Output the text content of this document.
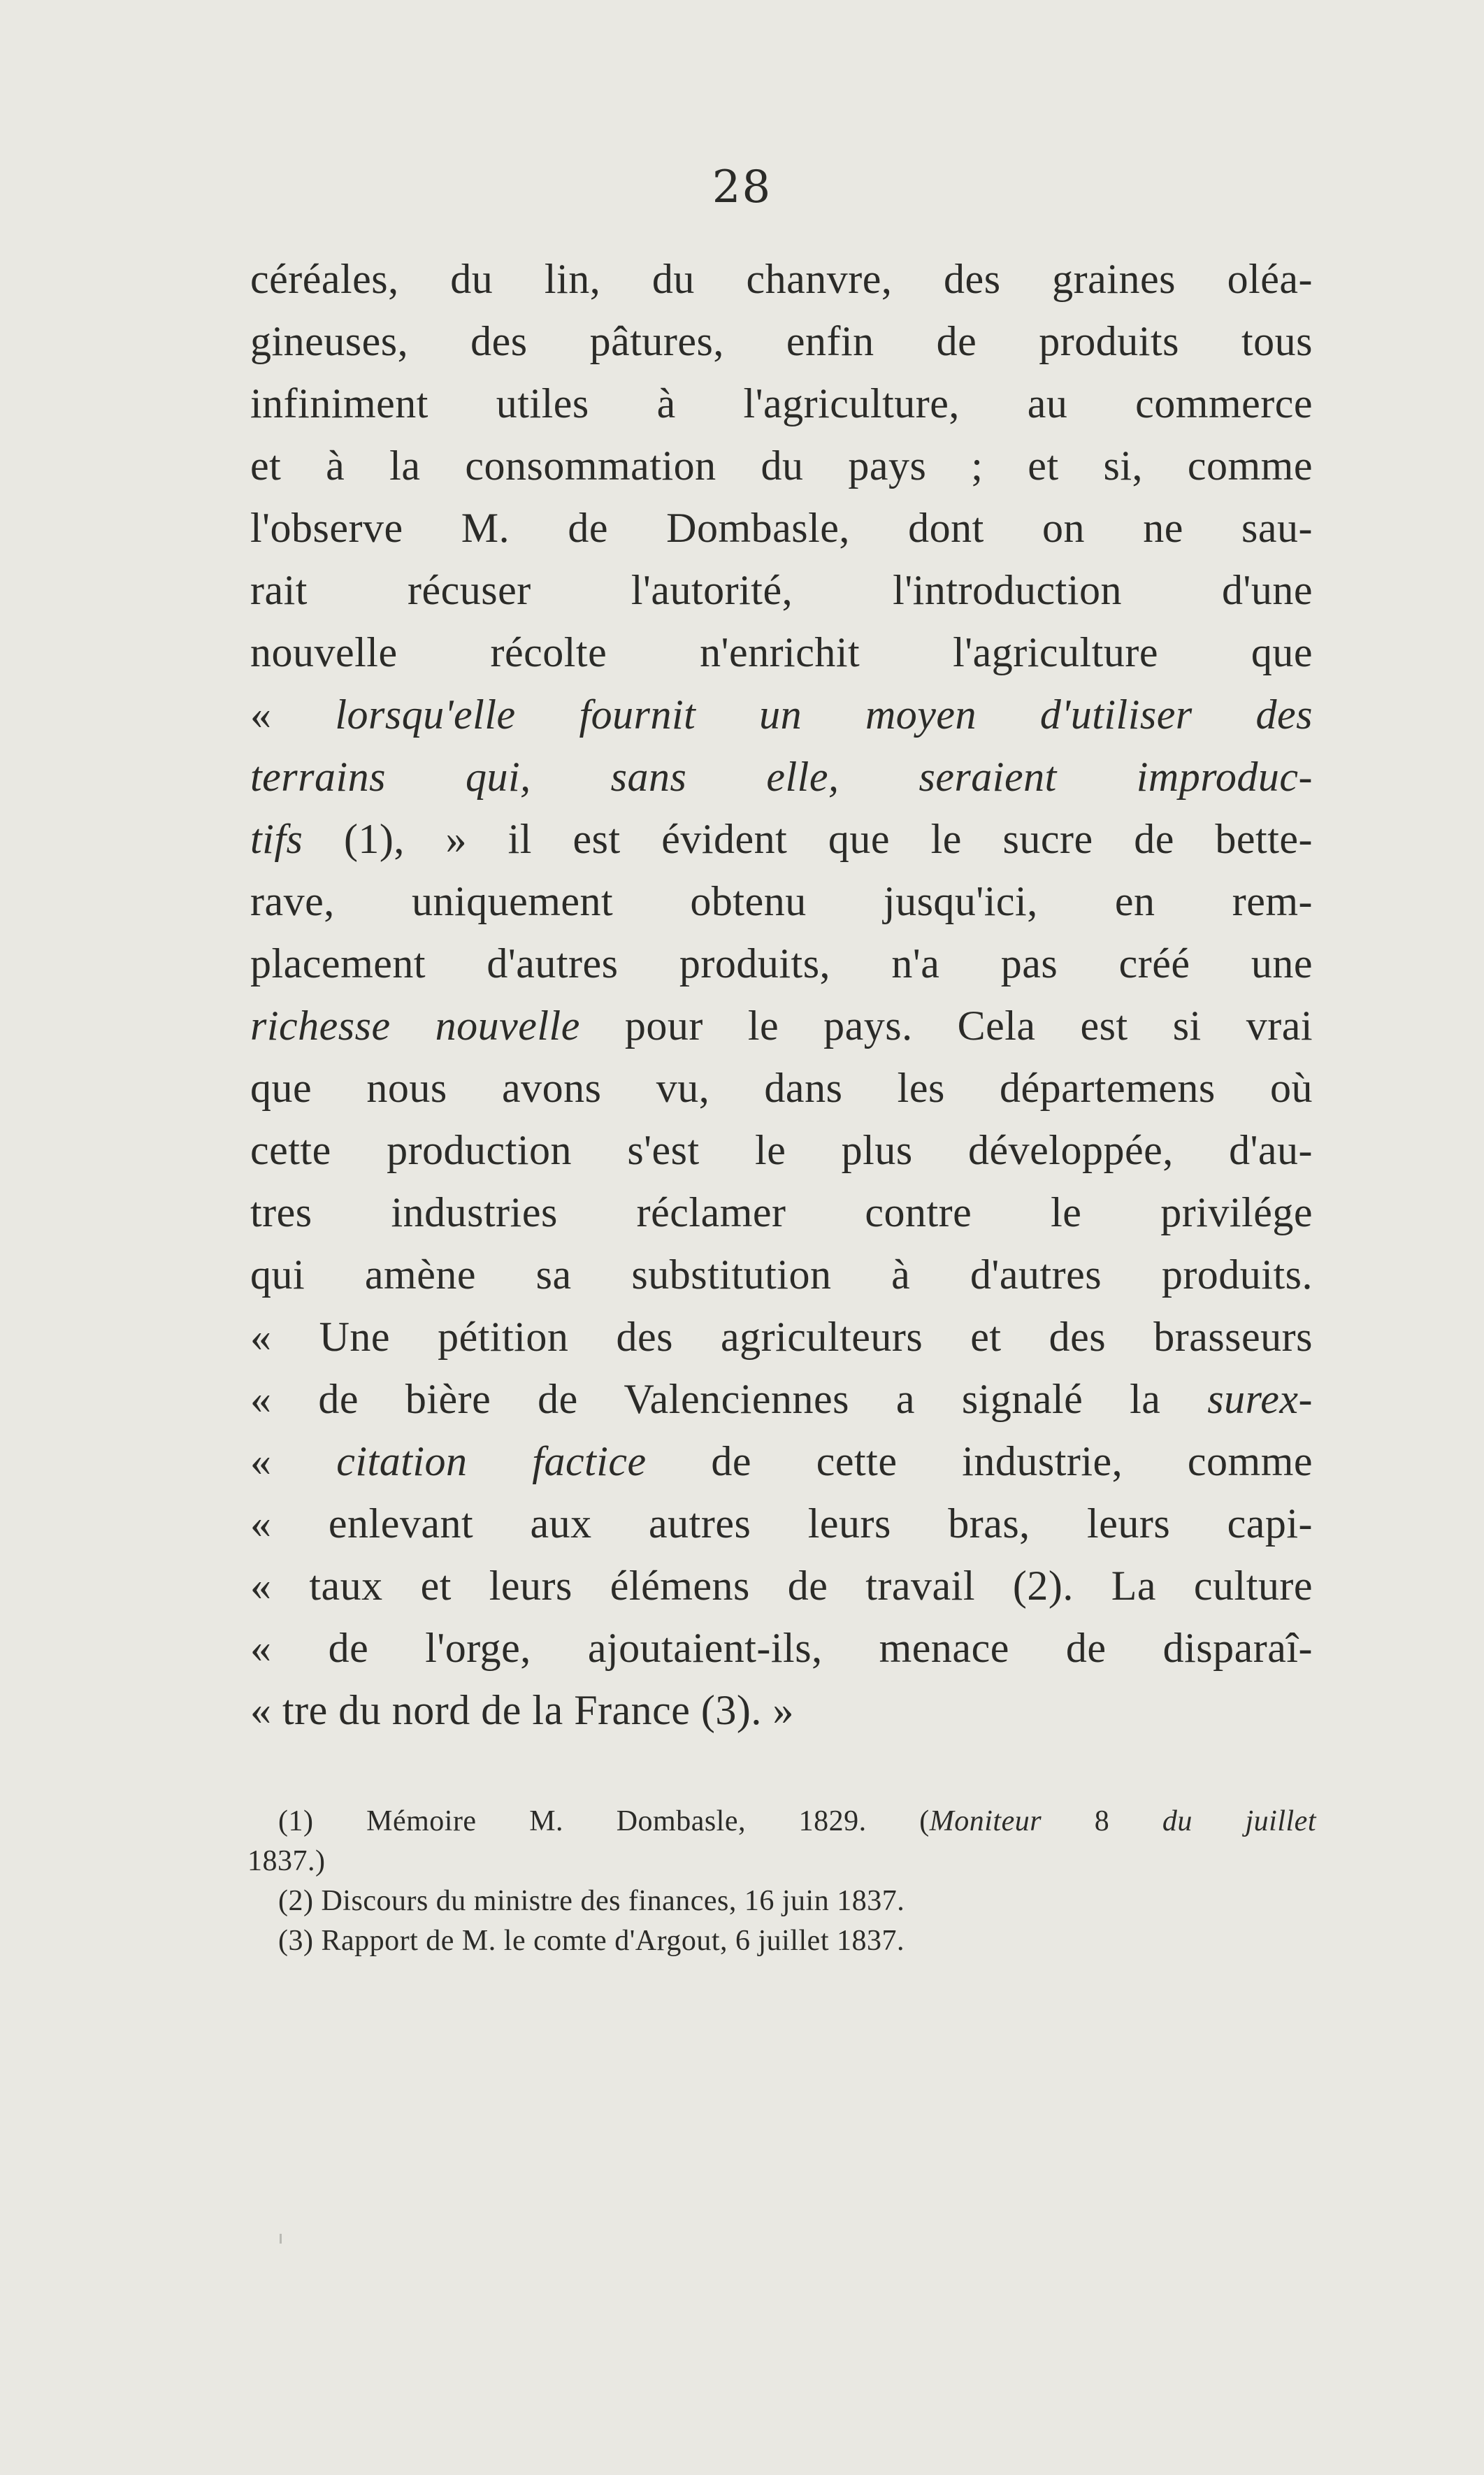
28
céréales, du lin, du chanvre, des graines oléa-
gineuses, des pâtures, enfin de produits tous
infiniment utiles à l'agriculture, au commerce
et à la consommation du pays ; et si, comme
l'observe M. de Dombasle, dont on ne sau-
rait récuser l'autorité, l'introduction d'une
nouvelle récolte n'enrichit l'agriculture que
« lorsqu'elle fournit un moyen d'utiliser des
terrains qui, sans elle, seraient improduc-
tifs (1), » il est évident que le sucre de bette-
rave, uniquement obtenu jusqu'ici, en rem-
placement d'autres produits, n'a pas créé une
richesse nouvelle pour le pays. Cela est si vrai
que nous avons vu, dans les départemens où
cette production s'est le plus développée, d'au-
tres industries réclamer contre le privilége
qui amène sa substitution à d'autres produits.
« Une pétition des agriculteurs et des brasseurs
« de bière de Valenciennes a signalé la surex-
« citation factice de cette industrie, comme
« enlevant aux autres leurs bras, leurs capi-
« taux et leurs élémens de travail (2). La culture
« de l'orge, ajoutaient-ils, menace de disparaî-
« tre du nord de la France (3). »
(1) Mémoire M. Dombasle, 1829. (Moniteur 8 du juillet
1837.)
(2) Discours du ministre des finances, 16 juin 1837.
(3) Rapport de M. le comte d'Argout, 6 juillet 1837.
